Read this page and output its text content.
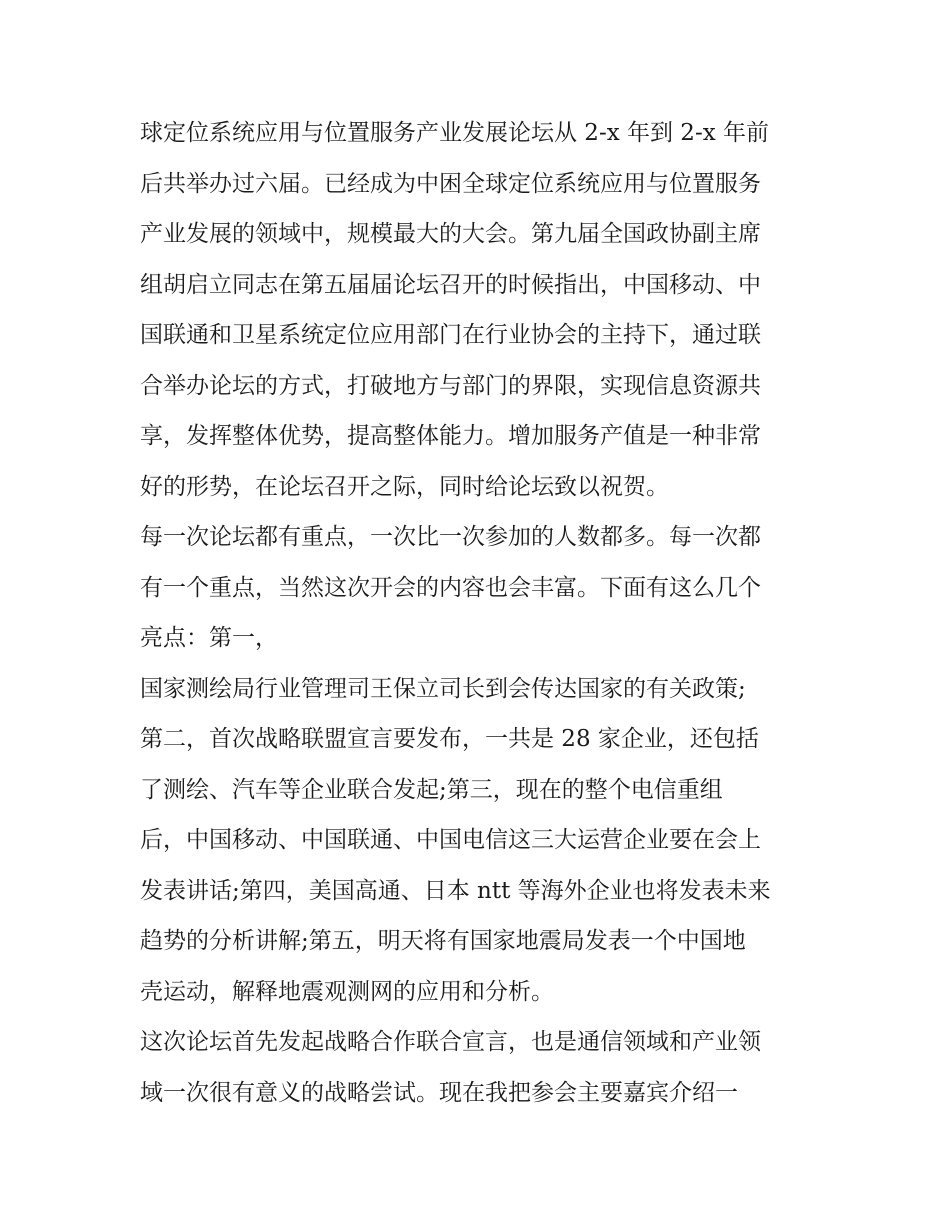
球定位系统应用与位置服务产业发展论坛从 2-x 年到 2-x 年前
后共举办过六届。已经成为中困全球定位系统应用与位置服务
产业发展的领域中，规模最大的大会。第九届全国政协副主席
组胡启立同志在第五届届论坛召开的时候指出，中国移动、中
国联通和卫星系统定位应用部门在行业协会的主持下，通过联
合举办论坛的方式，打破地方与部门的界限，实现信息资源共
享，发挥整体优势，提高整体能力。增加服务产值是一种非常
好的形势，在论坛召开之际，同时给论坛致以祝贺。
每一次论坛都有重点，一次比一次参加的人数都多。每一次都
有一个重点，当然这次开会的内容也会丰富。下面有这么几个
亮点：第一，
国家测绘局行业管理司王保立司长到会传达国家的有关政策;
第二，首次战略联盟宣言要发布，一共是 28 家企业，还包括
了测绘、汽车等企业联合发起;第三，现在的整个电信重组
后，中国移动、中国联通、中国电信这三大运营企业要在会上
发表讲话;第四，美国高通、日本 ntt 等海外企业也将发表未来
趋势的分析讲解;第五，明天将有国家地震局发表一个中国地
壳运动，解释地震观测网的应用和分析。
这次论坛首先发起战略合作联合宣言，也是通信领域和产业领
域一次很有意义的战略尝试。现在我把参会主要嘉宾介绍一
